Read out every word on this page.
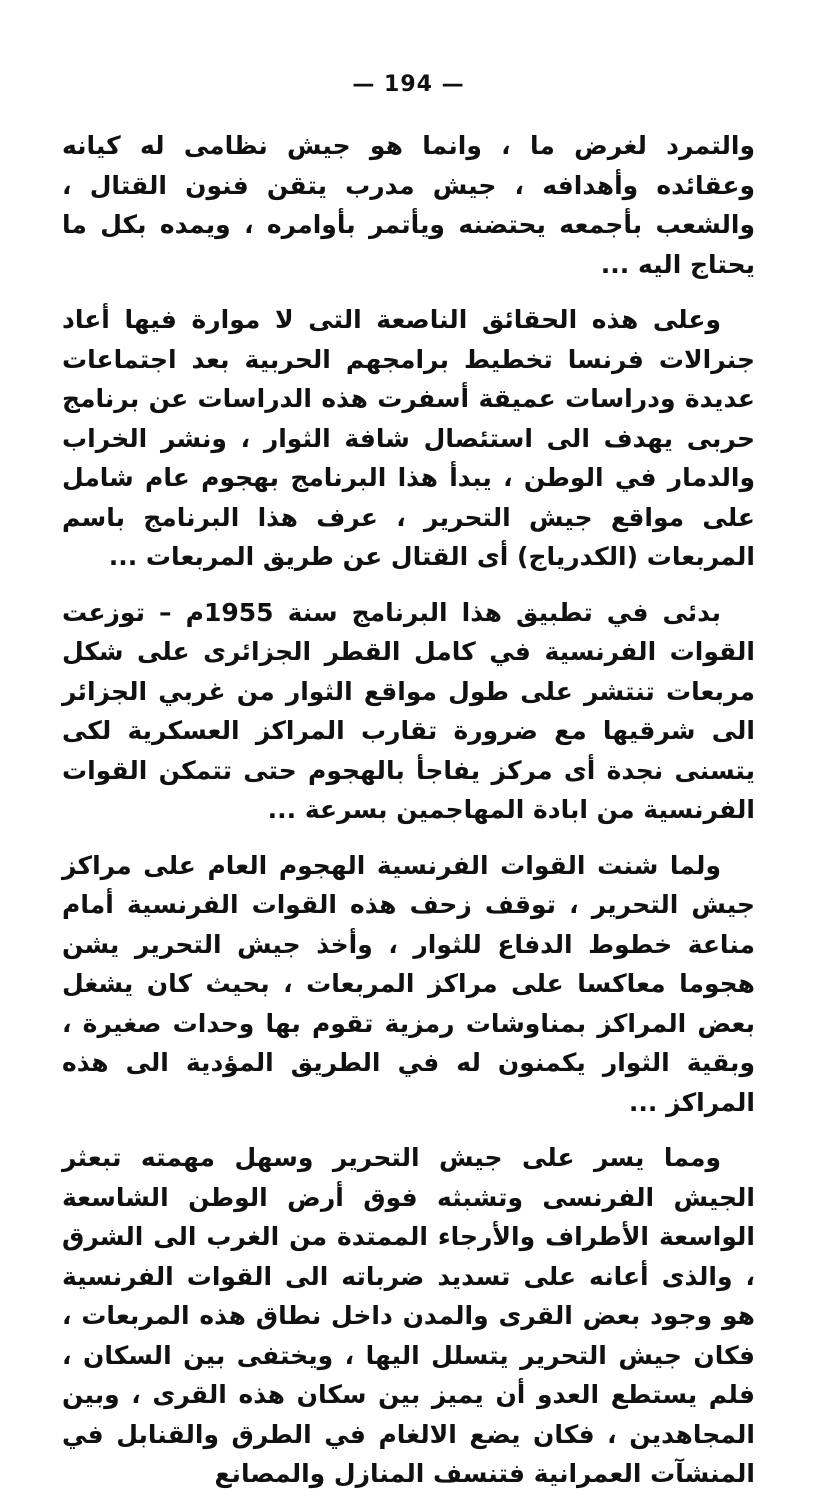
— 194 —
والتمرد لغرض ما ، وانما هو جيش نظامى له كيانه وعقائده وأهدافه ، جيش مدرب يتقن فنون القتال ، والشعب بأجمعه يحتضنه ويأتمر بأوامره ، ويمده بكل ما يحتاج اليه ...
وعلى هذه الحقائق الناصعة التى لا موارة فيها أعاد جنرالات فرنسا تخطيط برامجهم الحربية بعد اجتماعات عديدة ودراسات عميقة أسفرت هذه الدراسات عن برنامج حربى يهدف الى استئصال شافة الثوار ، ونشر الخراب والدمار في الوطن ، يبدأ هذا البرنامج بهجوم عام شامل على مواقع جيش التحرير ، عرف هذا البرنامج باسم المربعات (الكدرياج) أى القتال عن طريق المربعات ...
بدئى في تطبيق هذا البرنامج سنة 1955م – توزعت القوات الفرنسية في كامل القطر الجزائرى على شكل مربعات تنتشر على طول مواقع الثوار من غربي الجزائر الى شرقيها مع ضرورة تقارب المراكز العسكرية لكى يتسنى نجدة أى مركز يفاجأ بالهجوم حتى تتمكن القوات الفرنسية من ابادة المهاجمين بسرعة ...
ولما شنت القوات الفرنسية الهجوم العام على مراكز جيش التحرير ، توقف زحف هذه القوات الفرنسية أمام مناعة خطوط الدفاع للثوار ، وأخذ جيش التحرير يشن هجوما معاكسا على مراكز المربعات ، بحيث كان يشغل بعض المراكز بمناوشات رمزية تقوم بها وحدات صغيرة ، وبقية الثوار يكمنون له في الطريق المؤدية الى هذه المراكز ...
ومما يسر على جيش التحرير وسهل مهمته تبعثر الجيش الفرنسى وتشبثه فوق أرض الوطن الشاسعة الواسعة الأطراف والأرجاء الممتدة من الغرب الى الشرق ، والذى أعانه على تسديد ضرباته الى القوات الفرنسية هو وجود بعض القرى والمدن داخل نطاق هذه المربعات ، فكان جيش التحرير يتسلل اليها ، ويختفى بين السكان ، فلم يستطع العدو أن يميز بين سكان هذه القرى ، وبين المجاهدين ، فكان يضع الالغام في الطرق والقنابل في المنشآت العمرانية فتنسف المنازل والمصانع
